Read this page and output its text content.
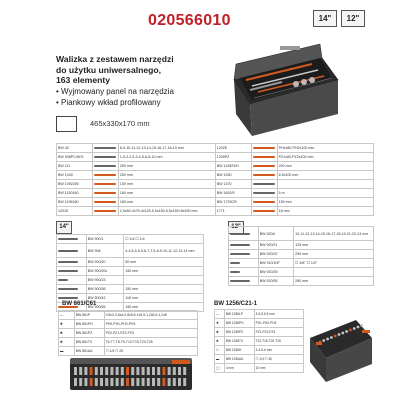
020566010	14"	12"
Walizka z zestawem narzędzi
do użytku uniwersalnego,
163 elementy
• Wyjmowany panel na narzędzia
• Piankowy wkład profilowany
465x330x170 mm
BW 42		8-9-10-11-12-13-14-15-16-17-18-19 mm	1202E		PH1x80-PH2x100 mm
BW 908PC/8C9		1,5-2-2,5-3-4-5-6-8-10 mm	1209PZ		PZ1x80-PZ2x100 mm
BW 111		250 mm	BW 1128SXH		200 mm
BW 1040		250 mm	BW 1250		6,5x100 mm
BW 1092250		150 mm	BW 1370		
BW 1150160		160 mm	BW 1692/5		5 m
BW 1196160		160 mm	BW 1725CR		150 mm
1201E		2,5x50-3x75-4x125-5,5x150-6,5x150+8x150 mm	1771		18 mm
14"
	BW 900/1	☐ 1/4 ☐ 1/4
	BW 908	4-4,5-5-5,5-6-7-7,5-8-9-10-11-12-13-14 mm
	BW 900/20	50 mm
	BW 900/20L	150 mm
	BW 900/23	
	BW 900/36	150 mm
	BW 900/42	116 mm
	BW 900/55	150 mm
12"
	BW 920A	10-11-12-13-14-15-16-17-18-19-21-22-24 mm
	BW 920/21	125 mm
	BW 920/22	250 mm
	BW 910/10F	☐ 3/8" ☐ 1/2"
	BW 920/25	
	BW 920/55	280 mm
BW 861/C61
—	BW 861P	0,5x3-0,6x4-0,8x5,5-1x5,5-1,2x6,5-1,2x8
✚	BW 861PH	PH0-PH1-PH2-PH3
✱	BW 861PZ	PZ0-PZ1-PZ2-PZ3
✺	BW 861TX	T6-T7-T8-T9-T10-T15-T20-T25
▬	BW 861AA	☐ 1/4 ☐ 25
BW 1256/C21-1
—	BW 1256LP	4-5,5-6,5 mm
✚	BW 1256PH	PH1-PH2-PH3
✱	BW 1256PZ	PZ1-PZ2-PZ3
✺	BW 1256TX	T10-T15-T20-T25
⬡	BW 1256H	3-4-5-6 mm
▬	BW 1256AA	☐ 1/4 ☐ 30
◯	4 mm	10 mm
